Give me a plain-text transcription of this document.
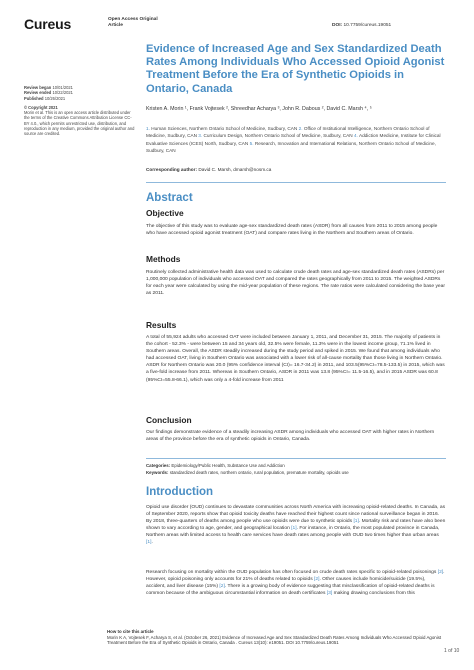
Cureus	Open Access Original
Article	DOI: 10.7759/cureus.19051
Review began 10/01/2021
Review ended 10/22/2021
Published 10/26/2021
© Copyright 2021
Morin et al. This is an open access article distributed under the terms of the Creative Commons Attribution License CC-BY 4.0., which permits unrestricted use, distribution, and reproduction in any medium, provided the original author and source are credited.
Evidence of Increased Age and Sex Standardized Death Rates Among Individuals Who Accessed Opioid Agonist Treatment Before the Era of Synthetic Opioids in Ontario, Canada
Kristen A. Morin ¹, Frank Vojtesek ², Shreedhar Acharya ³, John R. Dabous ², David C. Marsh ⁴, ⁵
1. Human Sciences, Northern Ontario School of Medicine, Sudbury, CAN 2. Office of Institutional Intelligence, Northern Ontario School of Medicine, Sudbury, CAN 3. Curriculum Design, Northern Ontario School of Medicine, Sudbury, CAN 4. Addiction Medicine, Institute for Clinical Evaluative Sciences (ICES) North, Sudbury, CAN 5. Research, Innovation and International Relations, Northern Ontario School of Medicine, Sudbury, CAN
Corresponding author: David C. Marsh, dmarsh@nosm.ca
Abstract
Objective
The objective of this study was to evaluate age-sex standardized death rates (ASDR) from all causes from 2011 to 2015 among people who have accessed opioid agonist treatment (OAT) and compare rates living in the Northern and Southern areas of Ontario.
Methods
Routinely collected administrative health data was used to calculate crude death rates and age-sex standardized death rates (ASDRs) per 1,000,000 population of individuals who accessed OAT and compared the rates geographically from 2011 to 2015. The weighted ASDRs for each year were calculated by using the mid-year population of these regions. The rate ratios were calculated considering the base year as 2011.
Results
A total of 55,924 adults who accessed OAT were included between January 1, 2011, and December 31, 2015. The majority of patients in the cohort - 52.3% - were between 15 and 34 years old, 32.5% were female, 11.3% were in the lowest income group, 71.1% lived in Southern areas. Overall, the ASDR steadily increased during the study period and spiked in 2015. We found that among individuals who had accessed OAT, living in Southern Ontario was associated with a lower risk of all-cause mortality than those living in Northern Ontario. ASDR for Northern Ontario was 20.0 (95% confidence interval (CI)= 16.7-34.2) in 2011, and 103.5(95%CI=78.5-133.5) in 2015, which was a five-fold increase from 2011. Whereas in Southern Ontario, ASDR in 2011 was 13.8 (95%CI= 11.5-16.5), and in 2015 ASDR was 60.8 (95%CI=55.8-66.1), which was only a 4-fold increase from 2011
Conclusion
Our findings demonstrate evidence of a steadily increasing ASDR among individuals who accessed OAT with higher rates in Northern areas of the province before the era of synthetic opioids in Ontario, Canada.
Categories: Epidemiology/Public Health, Substance Use and Addiction
Keywords: standardized death rates, northern ontario, rural population, premature mortality, opioids use
Introduction
Opioid use disorder (OUD) continues to devastate communities across North America with increasing opioid-related deaths. In Canada, as of September 2020, reports show that opioid toxicity deaths have reached their highest count since national surveillance began in 2016. By 2018, three-quarters of deaths among people who use opioids were due to synthetic opioids [1]. Mortality risk and rates have also been shown to vary according to age, gender, and geographical location [1]. For instance, in Ontario, the most populated province in Canada, Northern areas with limited access to health care services have death rates among people with OUD two times higher than urban areas [1].
Research focusing on mortality within the OUD population has often focused on crude death rates specific to opioid-related poisonings [2]. However, opioid poisoning only accounts for 21% of deaths related to opioids [2]. Other causes include homicide/suicide (19.5%), accident, and liver disease (15%) [2]. There is a growing body of evidence suggesting that misclassification of opioid-related deaths is common because of the ambiguous circumstantial information on death certificates [3] making drawing conclusions from this
How to cite this article
Morin K A, Vojtesek F, Acharya S, et al. (October 26, 2021) Evidence of Increased Age and Sex Standardized Death Rates Among Individuals Who Accessed Opioid Agonist Treatment Before the Era of Synthetic Opioids in Ontario, Canada . Cureus 13(10): e19051. DOI 10.7759/cureus.19051
1 of 10
